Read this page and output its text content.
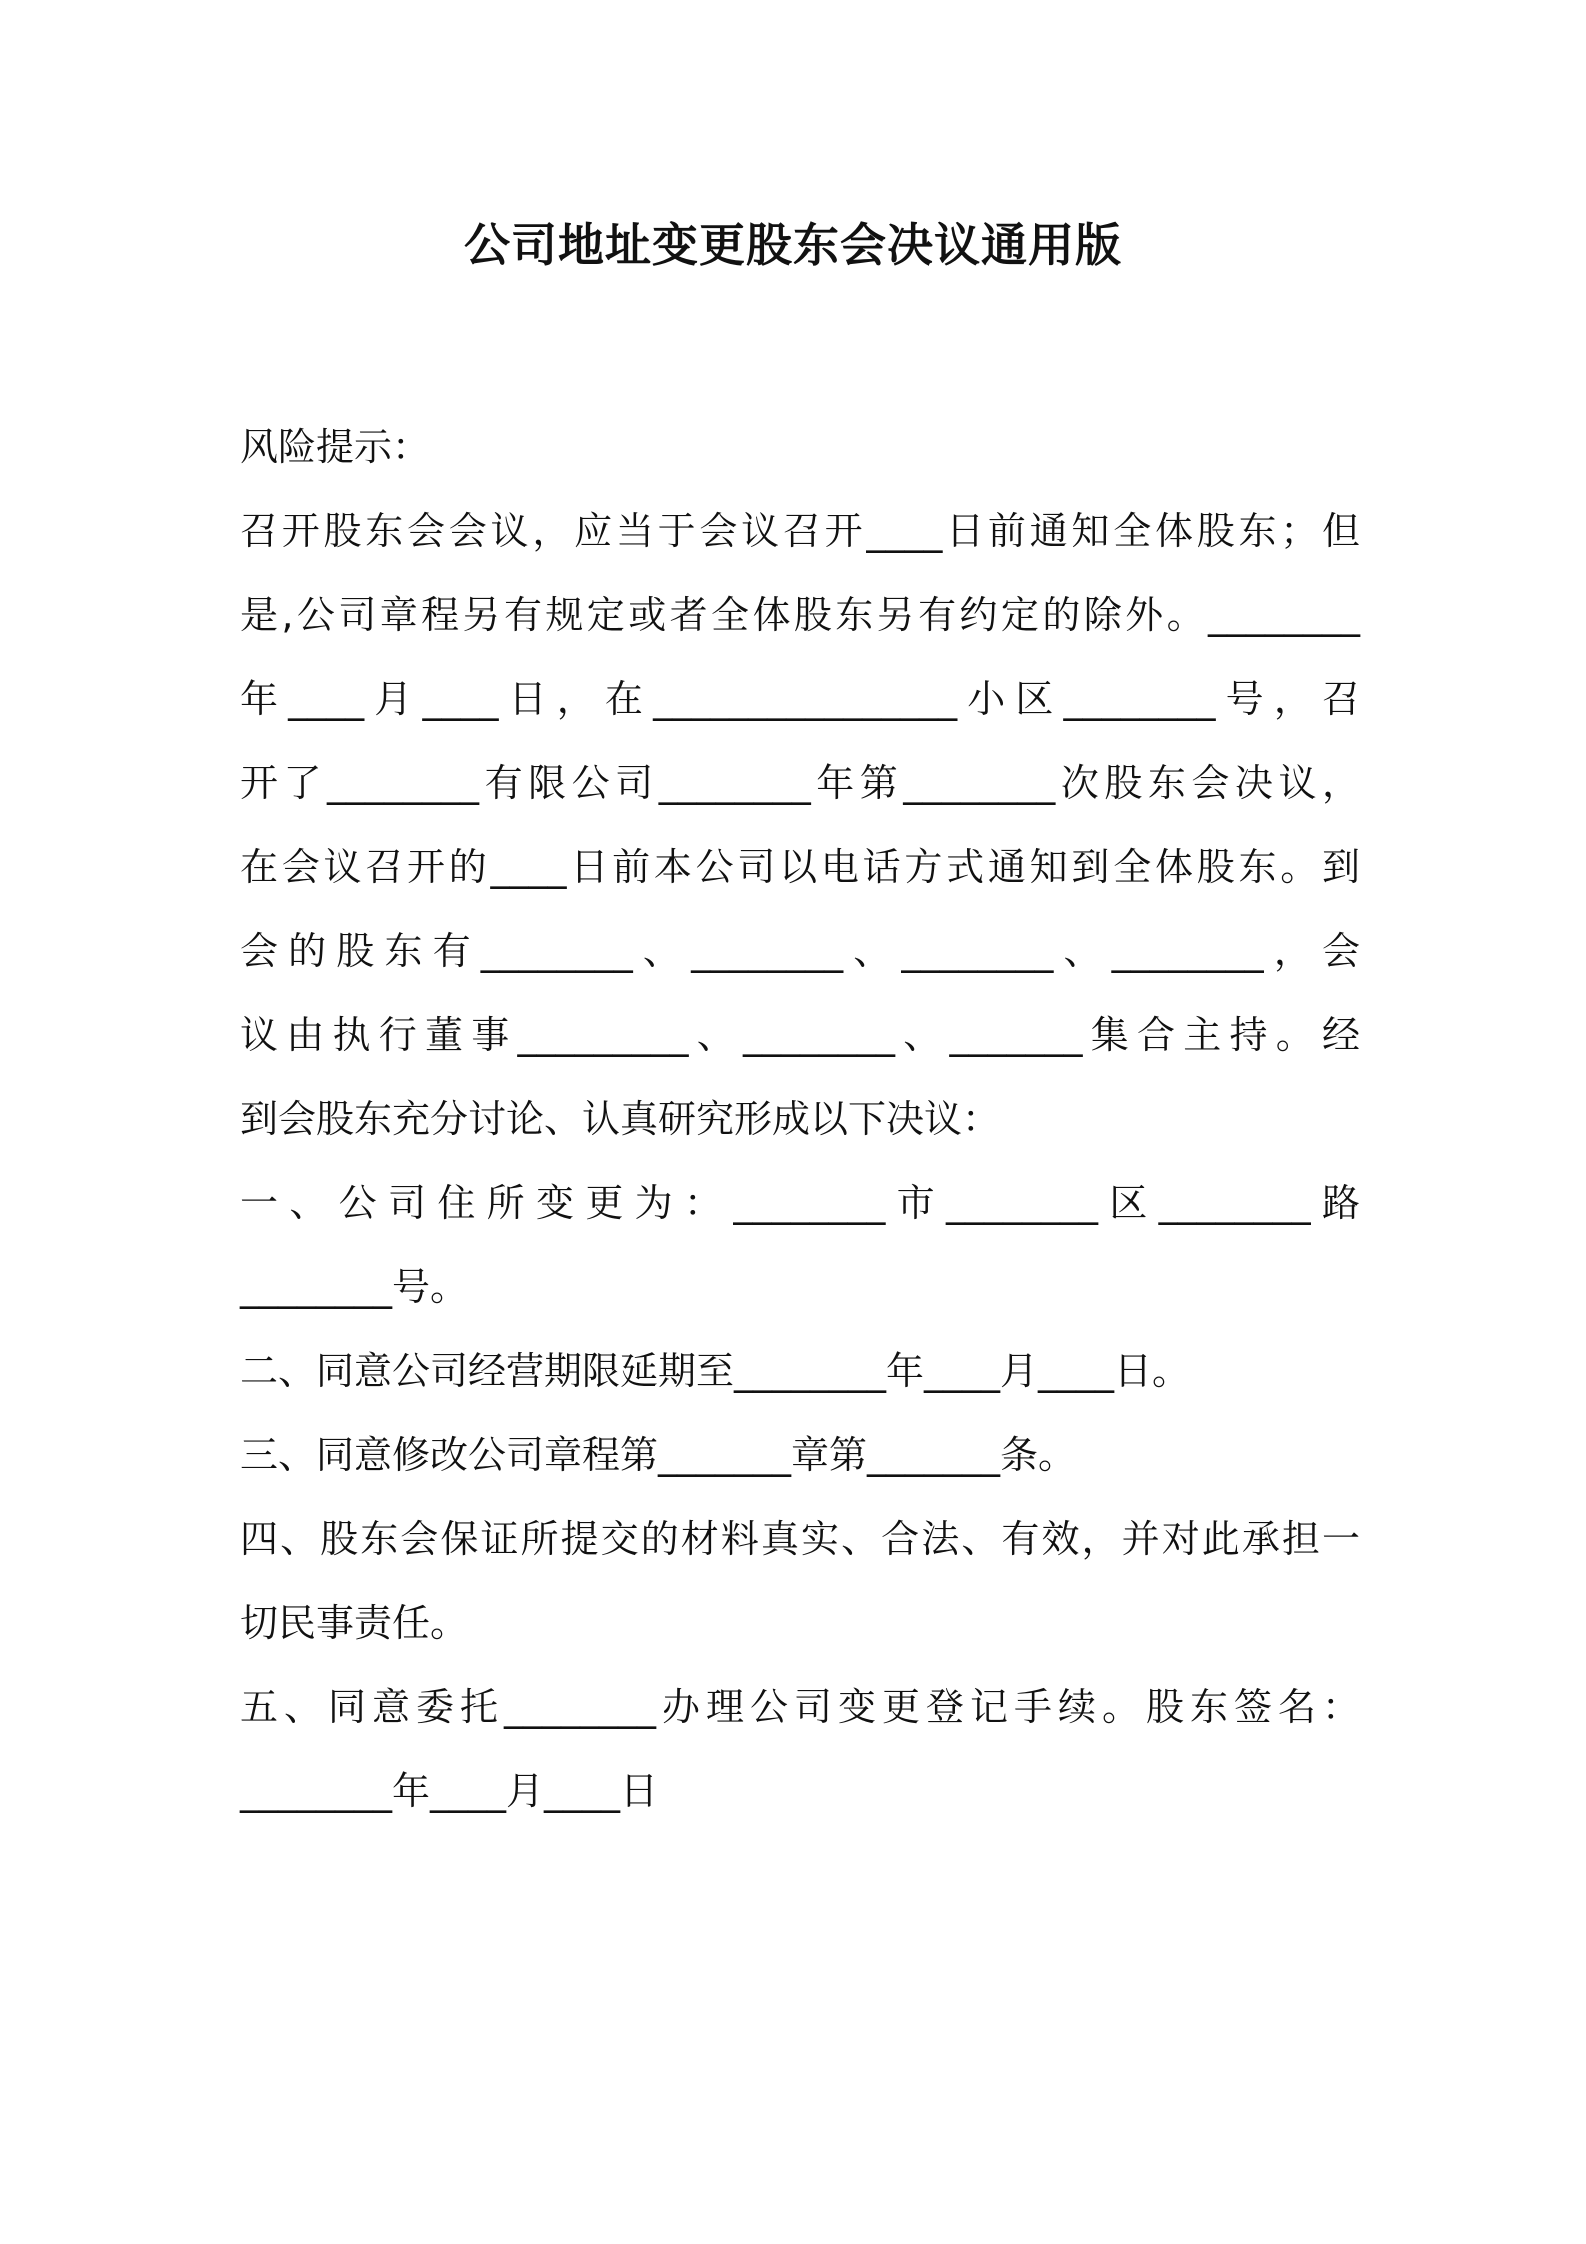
公司地址变更股东会决议通用版
风险提示：
召开股东会会议，应当于会议召开____日前通知全体股东；但
是,公司章程另有规定或者全体股东另有约定的除外。________
年____月____日，在________________小区________号，召
开了________有限公司________年第________次股东会决议，
在会议召开的____日前本公司以电话方式通知到全体股东。到
会的股东有________、________、________、________，会
议由执行董事_________、________、_______集合主持。经
到会股东充分讨论、认真研究形成以下决议：
一、公司住所变更为：________市________区________路
________号。
二、同意公司经营期限延期至________年____月____日。
三、同意修改公司章程第_______章第_______条。
四、股东会保证所提交的材料真实、合法、有效，并对此承担一
切民事责任。
五、同意委托________办理公司变更登记手续。股东签名：
________年____月____日
